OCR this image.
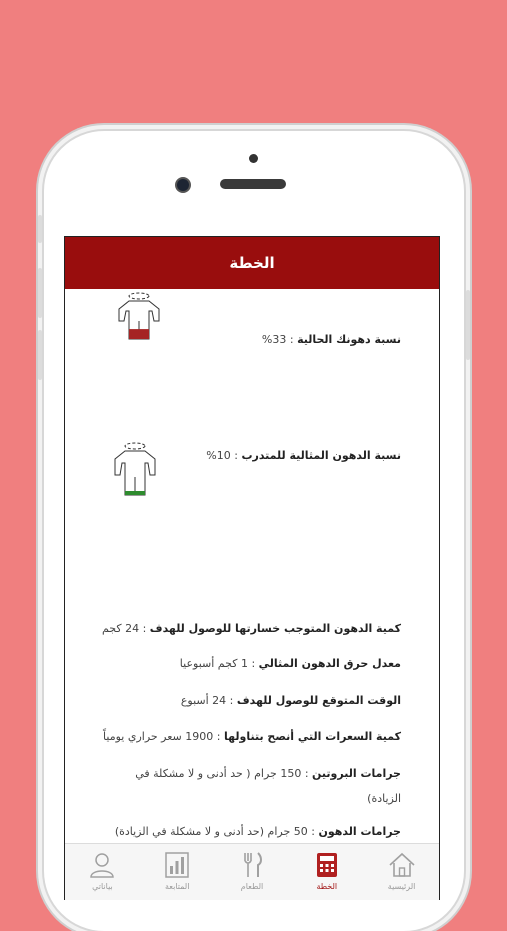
الخطة
نسبة دهونك الحالية : 33%
نسبة الدهون المثالية للمتدرب : 10%
كمية الدهون المتوجب خسارتها للوصول للهدف : 24 كجم
معدل حرق الدهون المثالي : 1 كجم أسبوعيا
الوقت المتوقع للوصول للهدف : 24 أسبوع
كمية السعرات التي أنصح بتناولها : 1900 سعر حراري يومياً
جرامات البروتين : 150 جرام ( حد أدنى و لا مشكلة في الزيادة)
جرامات الدهون : 50 جرام (حد أدنى و لا مشكلة في الزيادة)
بياناتي	المتابعة	الطعام	الخطة	الرئيسية
